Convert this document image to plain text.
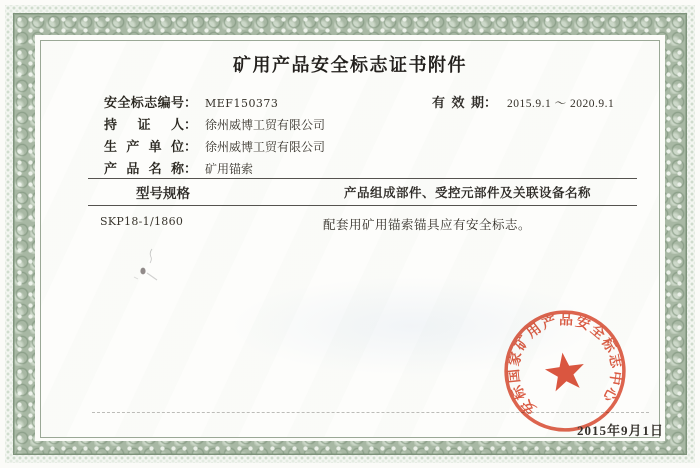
矿用产品安全标志证书附件
安全标志编号： MEF150373
持证人： 徐州威博工贸有限公司
生产单位： 徐州威博工贸有限公司
产品名称： 矿用锚索
有效期： 2015.9.1 ～ 2020.9.1
型号规格	产品组成部件、受控元部件及关联设备名称
SKP18-1/1860	配套用矿用锚索锚具应有安全标志。
安标国家矿用产品安全标志中心
2015年9月1日
